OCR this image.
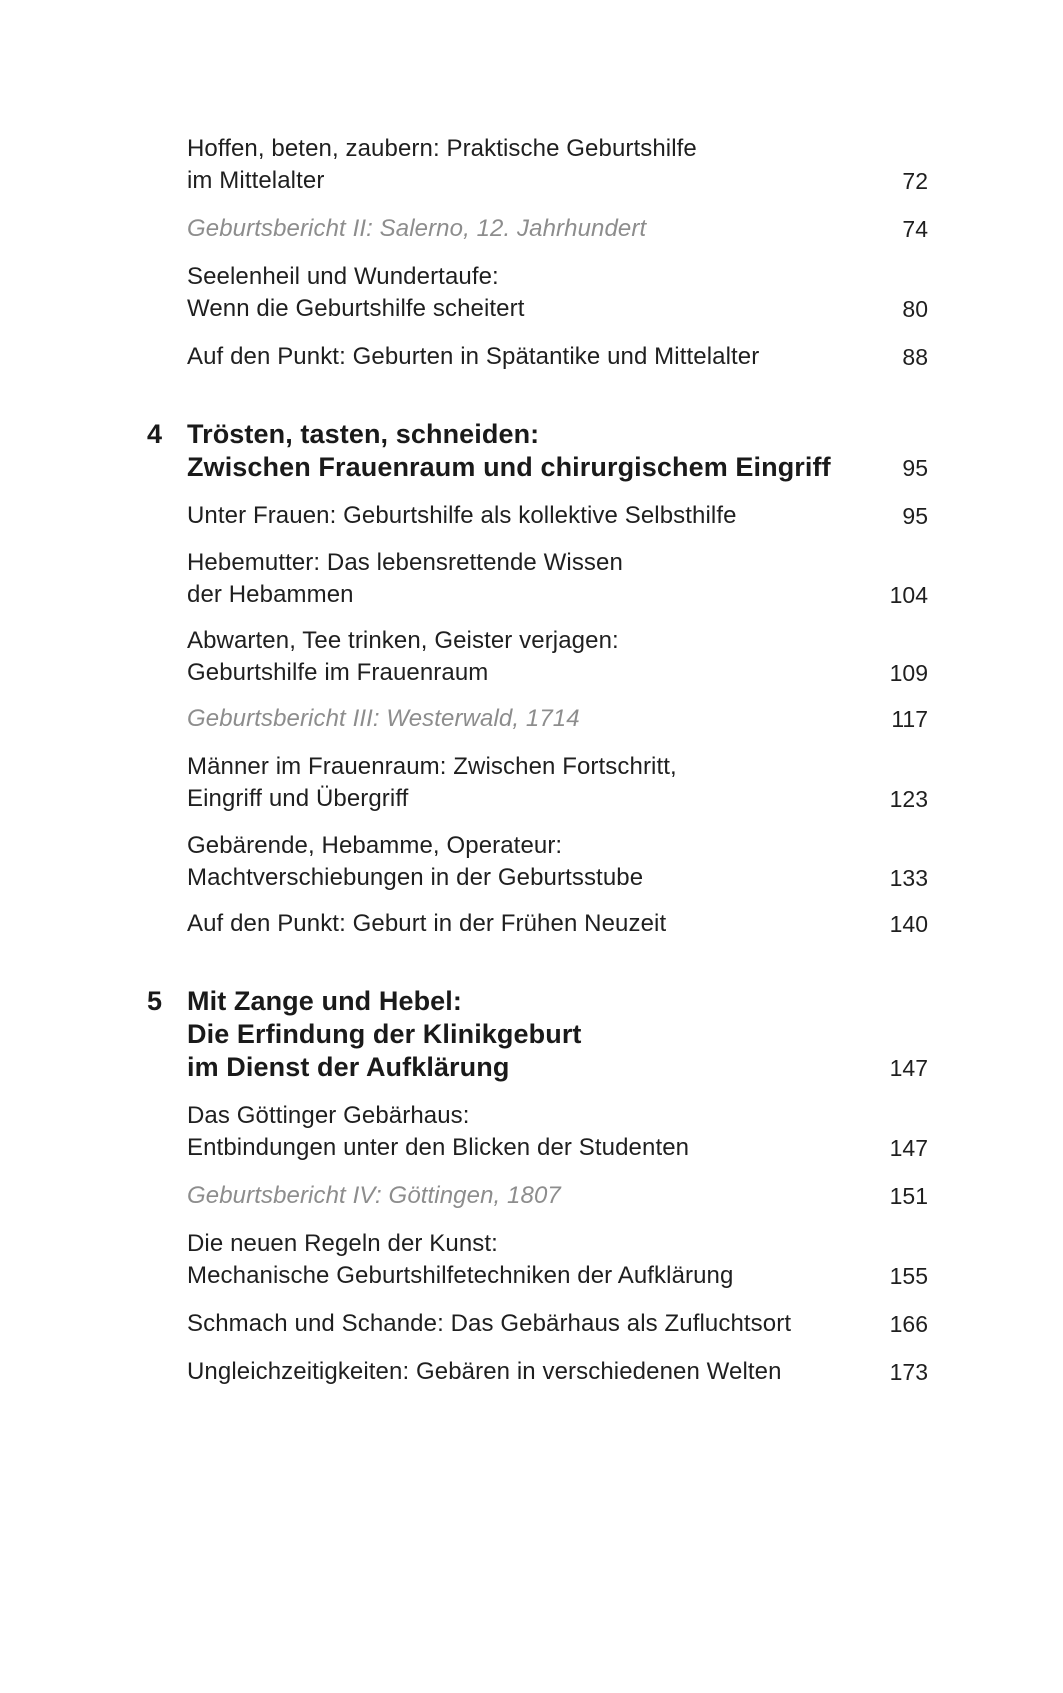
Hoffen, beten, zaubern: Praktische Geburtshilfe
im Mittelalter	72
Geburtsbericht II: Salerno, 12. Jahrhundert	74
Seelenheil und Wundertaufe:
Wenn die Geburtshilfe scheitert	80
Auf den Punkt: Geburten in Spätantike und Mittelalter	88
4 Trösten, tasten, schneiden:
Zwischen Frauenraum und chirurgischem Eingriff	95
Unter Frauen: Geburtshilfe als kollektive Selbsthilfe	95
Hebemutter: Das lebensrettende Wissen
der Hebammen	104
Abwarten, Tee trinken, Geister verjagen:
Geburtshilfe im Frauenraum	109
Geburtsbericht III: Westerwald, 1714	117
Männer im Frauenraum: Zwischen Fortschritt,
Eingriff und Übergriff	123
Gebärende, Hebamme, Operateur:
Machtverschiebungen in der Geburtsstube	133
Auf den Punkt: Geburt in der Frühen Neuzeit	140
5 Mit Zange und Hebel:
Die Erfindung der Klinikgeburt
im Dienst der Aufklärung	147
Das Göttinger Gebärhaus:
Entbindungen unter den Blicken der Studenten	147
Geburtsbericht IV: Göttingen, 1807	151
Die neuen Regeln der Kunst:
Mechanische Geburtshilfetechniken der Aufklärung	155
Schmach und Schande: Das Gebärhaus als Zufluchtsort	166
Ungleichzeitigkeiten: Gebären in verschiedenen Welten	173
